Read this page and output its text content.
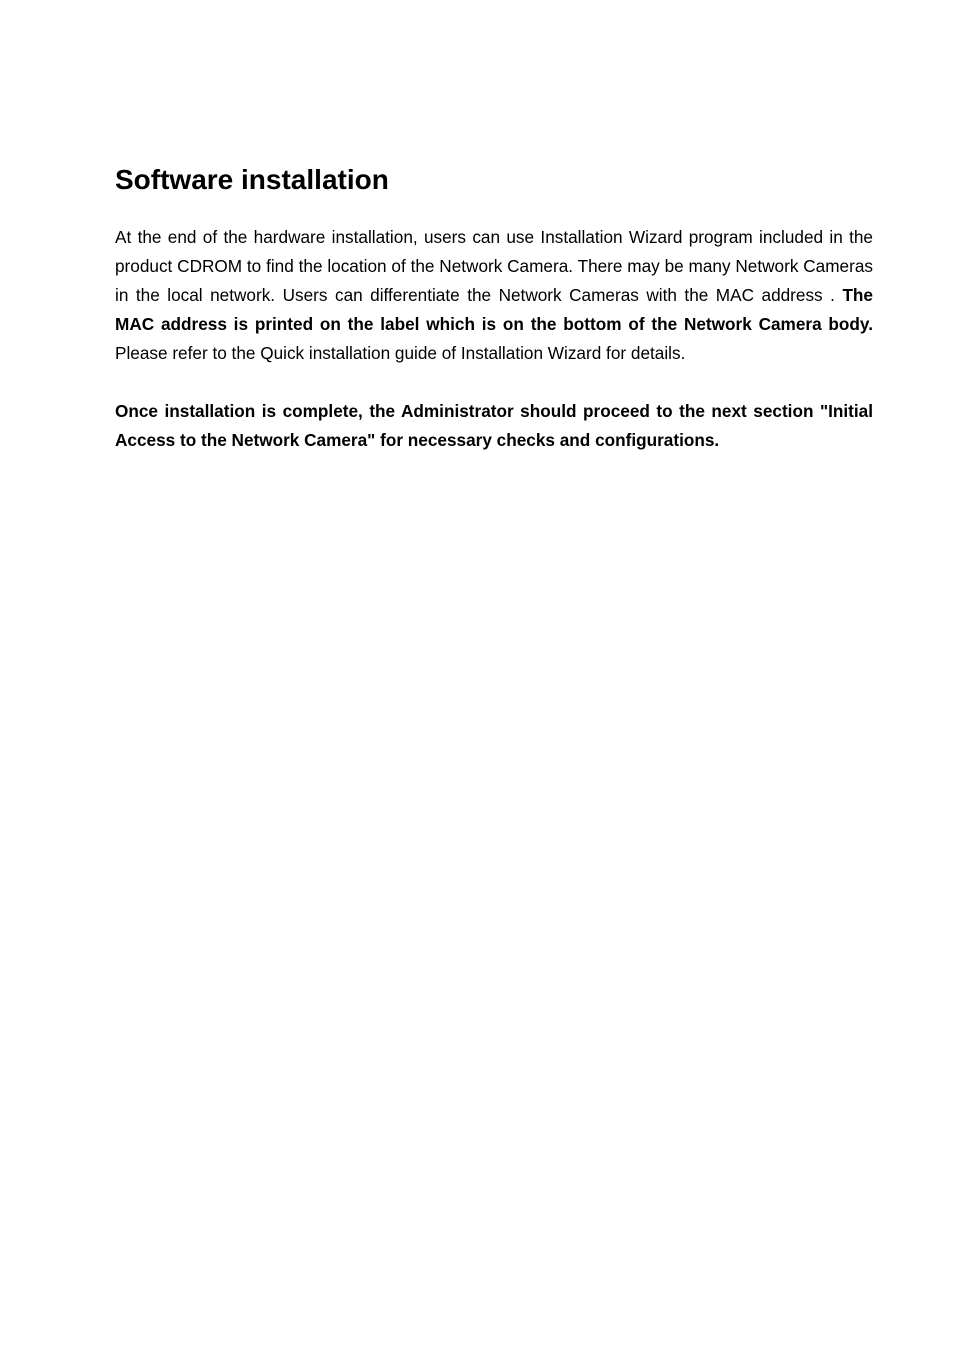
Software installation

At the end of the hardware installation, users can use Installation Wizard program included in the product CDROM to find the location of the Network Camera. There may be many Network Cameras in the local network. Users can differentiate the Network Cameras with the MAC address . The MAC address is printed on the label which is on the bottom of the Network Camera body. Please refer to the Quick installation guide of Installation Wizard for details.

Once installation is complete, the Administrator should proceed to the next section "Initial Access to the Network Camera" for necessary checks and configurations.
